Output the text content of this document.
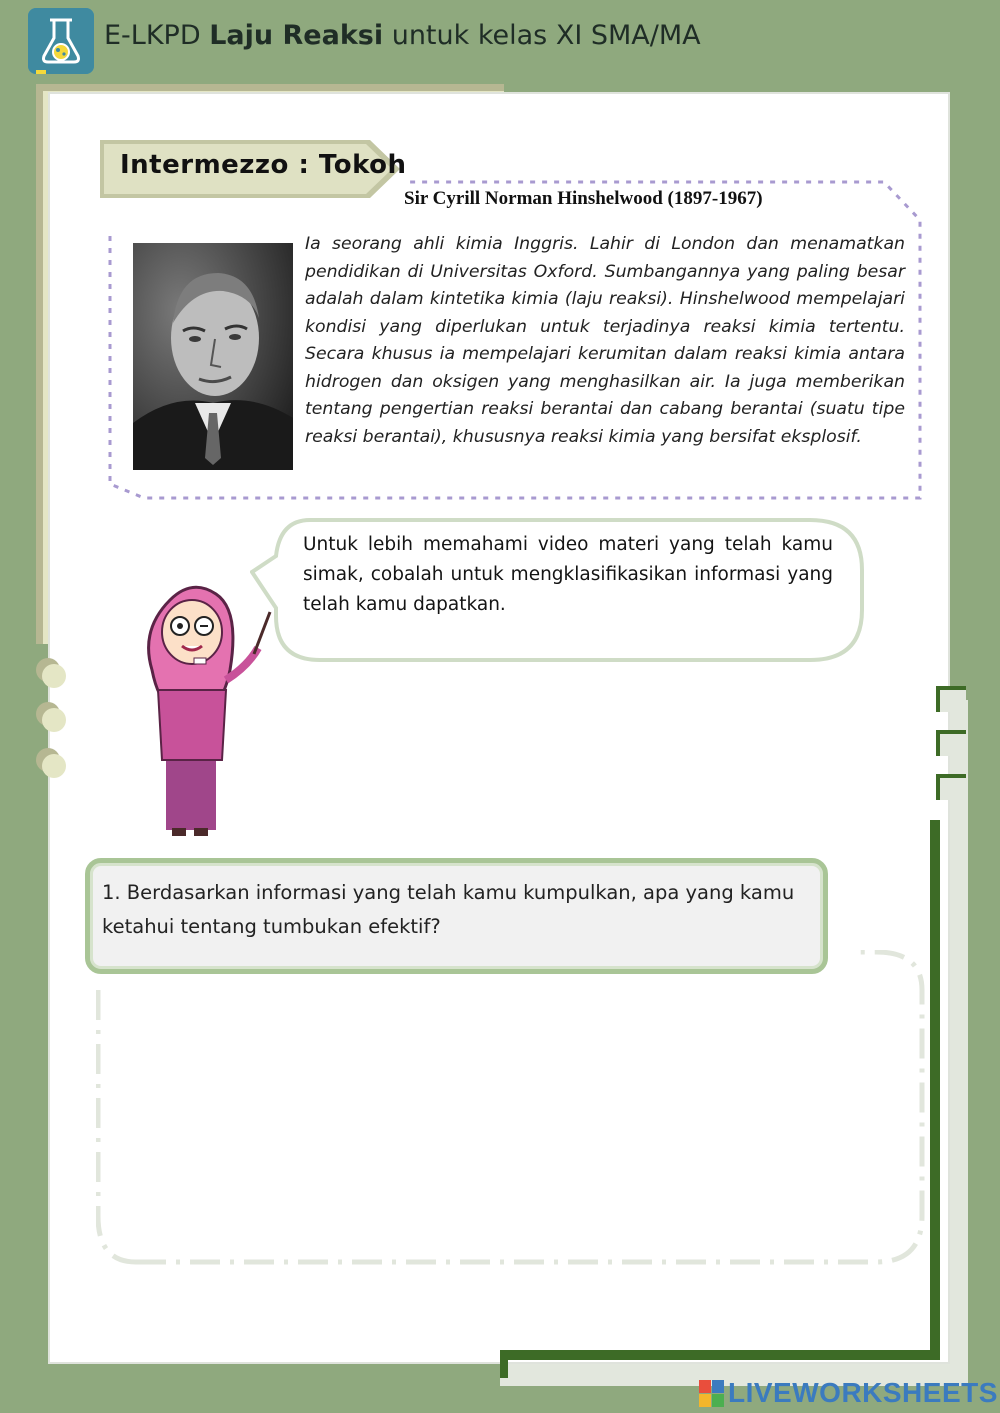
E-LKPD Laju Reaksi untuk kelas XI SMA/MA
Intermezzo : Tokoh
Sir Cyrill Norman Hinshelwood (1897-1967)
Ia seorang ahli kimia Inggris. Lahir di London dan menamatkan pendidikan di Universitas Oxford. Sumbangannya yang paling besar adalah dalam kintetika kimia (laju reaksi). Hinshelwood mempelajari kondisi yang diperlukan untuk terjadinya reaksi kimia tertentu. Secara khusus ia mempelajari kerumitan dalam reaksi kimia antara hidrogen dan oksigen yang menghasilkan air. Ia juga memberikan tentang pengertian reaksi berantai dan cabang berantai (suatu tipe reaksi berantai), khususnya reaksi kimia yang bersifat eksplosif.
Untuk lebih memahami video materi yang telah kamu simak, cobalah untuk mengklasifikasikan informasi yang telah kamu dapatkan.
1. Berdasarkan informasi yang telah kamu kumpulkan, apa yang kamu ketahui tentang tumbukan efektif?
LIVEWORKSHEETS
